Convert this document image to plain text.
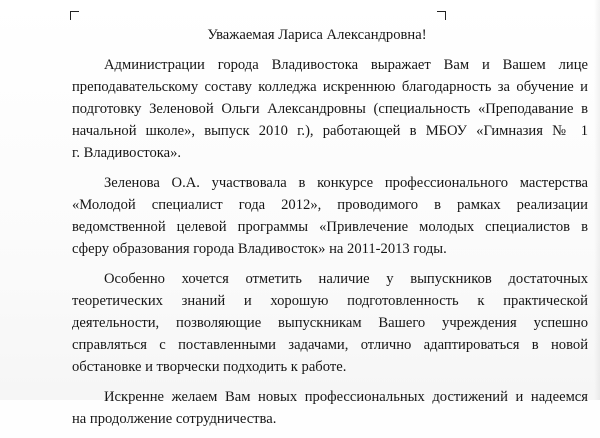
Уважаемая Лариса Александровна!

Администрации города Владивостока выражает Вам и Вашем лице
преподавательскому составу колледжа искреннюю благодарность за обучение и
подготовку Зеленовой Ольги Александровны (специальность «Преподавание в
начальной школе», выпуск 2010 г.), работающей в МБОУ «Гимназия № 1
г. Владивостока».

Зеленова О.А. участвовала в конкурсе профессионального мастерства
«Молодой специалист года 2012», проводимого в рамках реализации
ведомственной целевой программы «Привлечение молодых специалистов в
сферу образования города Владивосток» на 2011-2013 годы.

Особенно хочется отметить наличие у выпускников достаточных
теоретических знаний и хорошую подготовленность к практической
деятельности, позволяющие выпускникам Вашего учреждения успешно
справляться с поставленными задачами, отлично адаптироваться в новой
обстановке и творчески подходить к работе.

Искренне желаем Вам новых профессиональных достижений и надеемся
на продолжение сотрудничества.
